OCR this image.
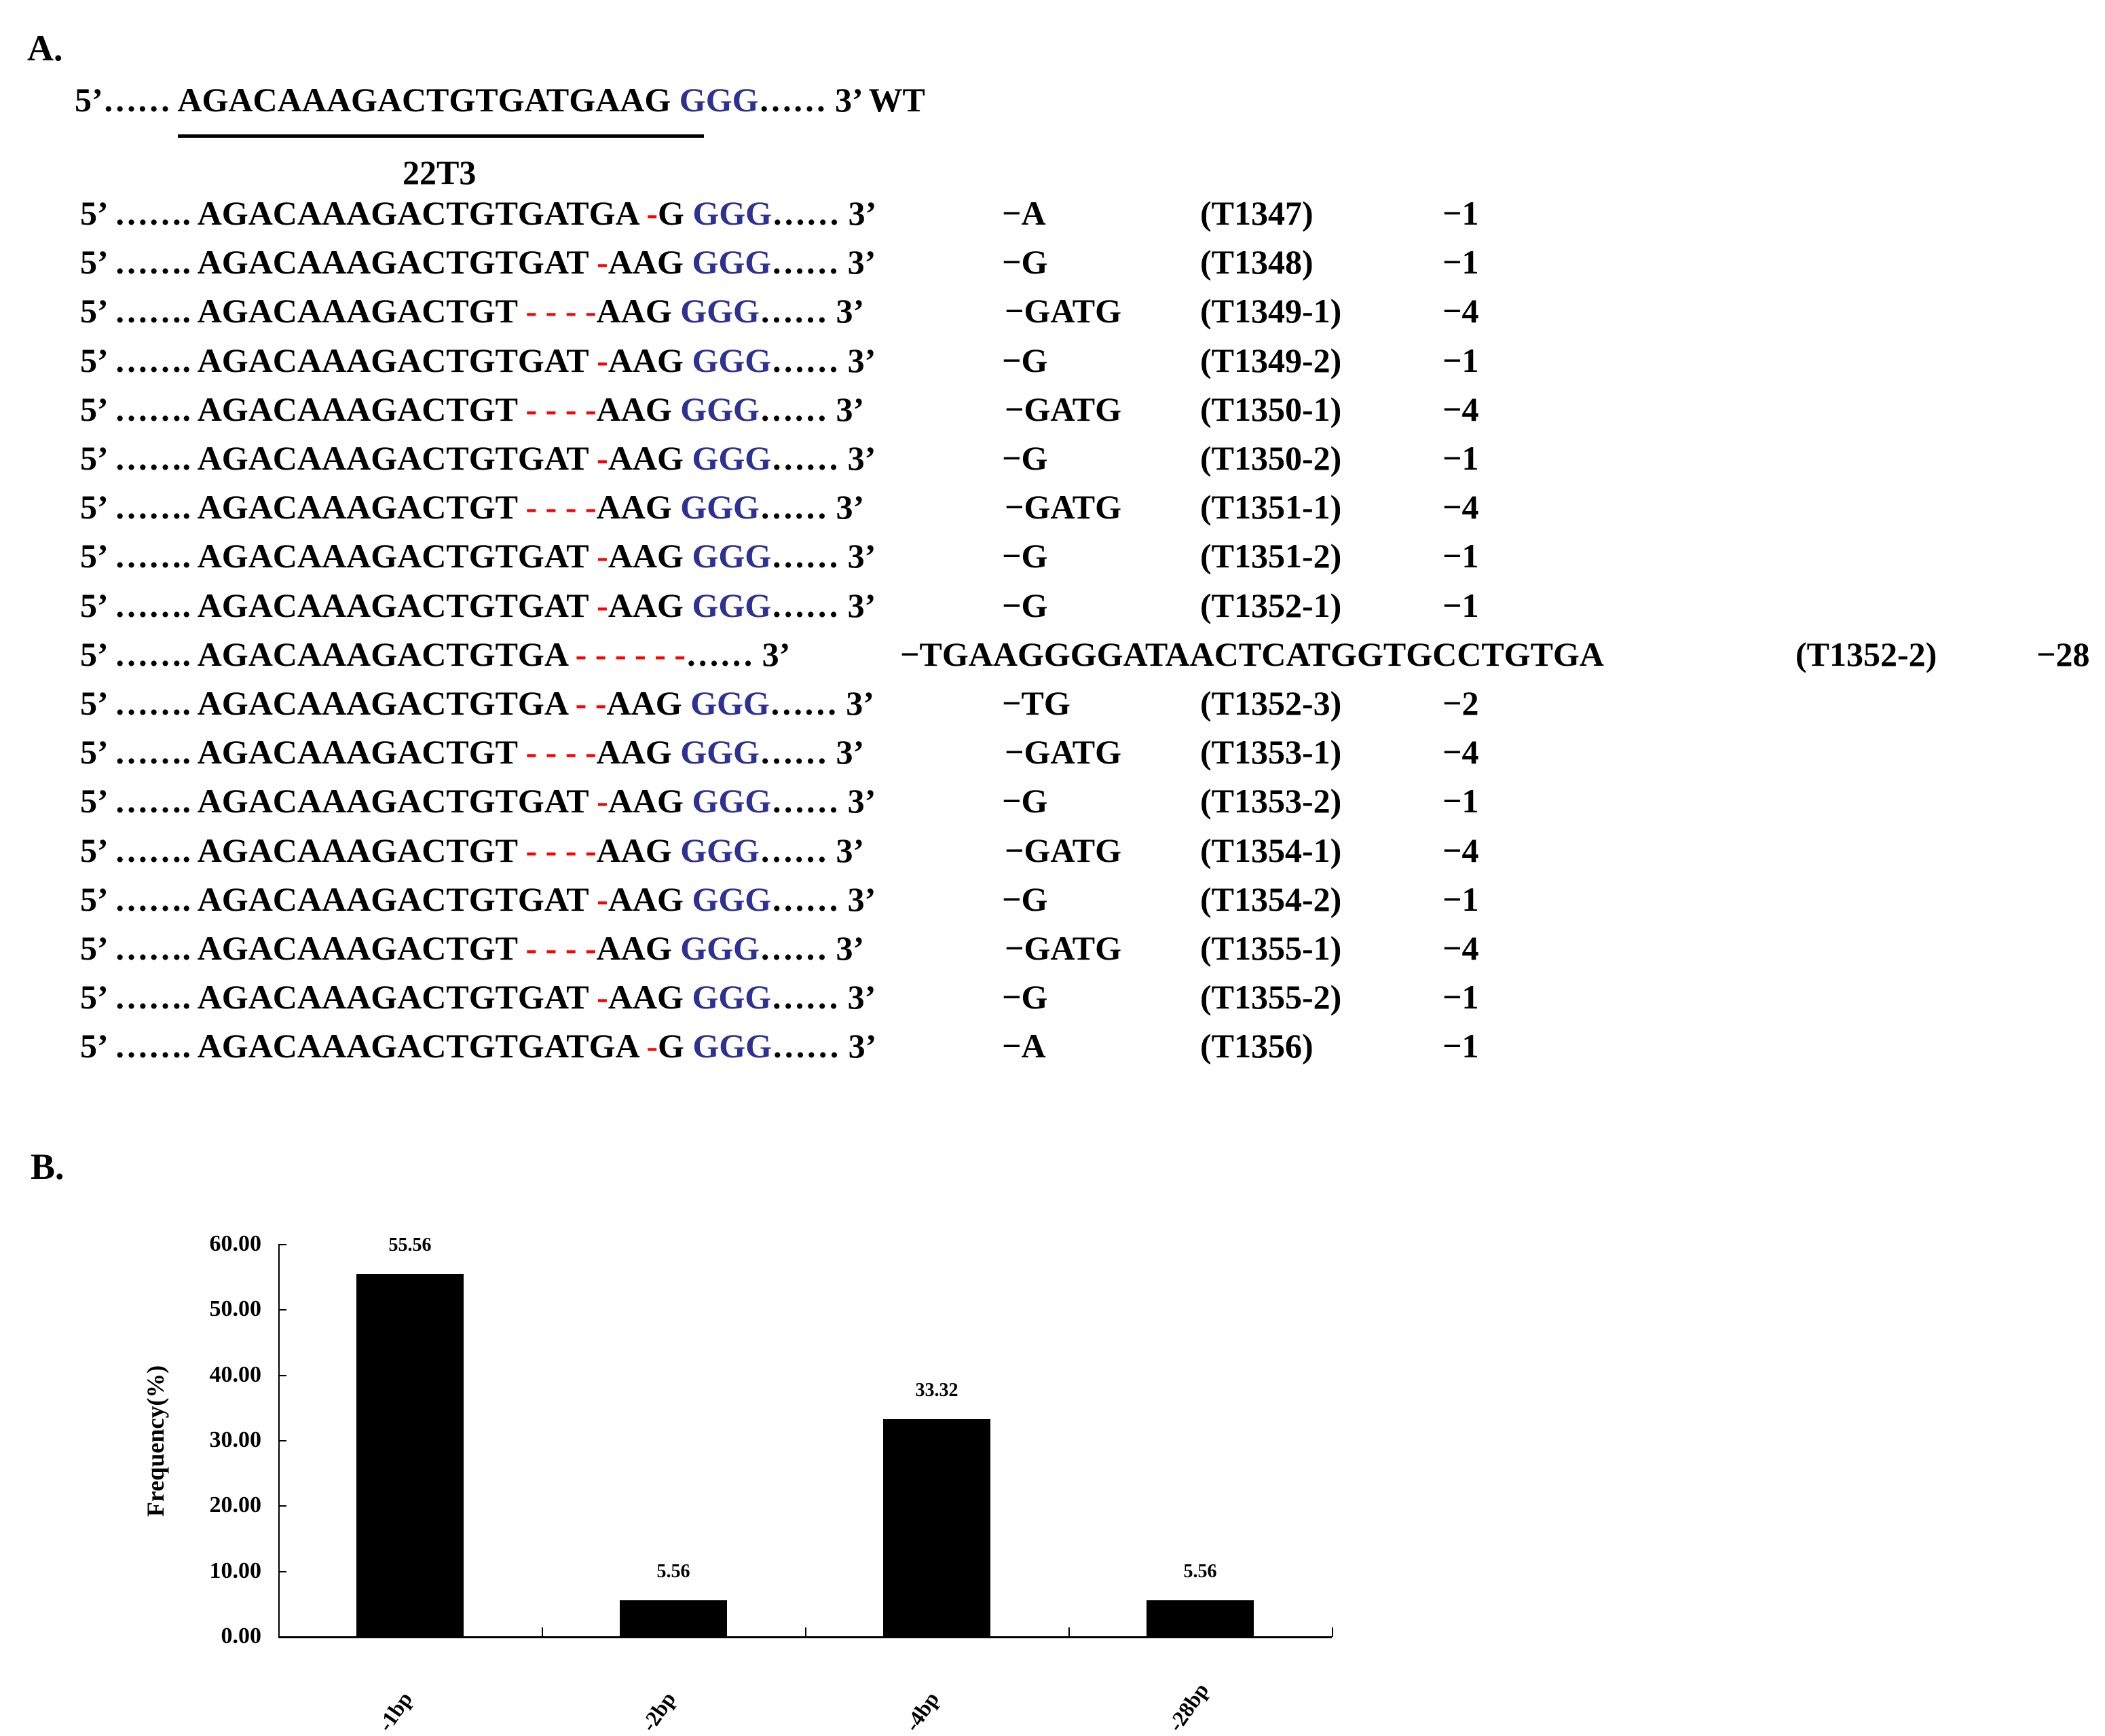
A.
5’…… AGACAAAGACTGTGATGAAG GGG…… 3’ WT
22T3
5’ ……. AGACAAAGACTGTGATGA -G GGG…… 3’	−A	(T1347)	−1
5’ ……. AGACAAAGACTGTGAT -AAG GGG…… 3’	−G	(T1348)	−1
5’ ……. AGACAAAGACTGT - - - -AAG GGG…… 3’	−GATG (T1349-1)	−4
5’ ……. AGACAAAGACTGTGAT -AAG GGG…… 3’	−G	(T1349-2)	−1
5’ ……. AGACAAAGACTGT - - - -AAG GGG…… 3’	−GATG (T1350-1)	−4
5’ ……. AGACAAAGACTGTGAT -AAG GGG…… 3’	−G	(T1350-2)	−1
5’ ……. AGACAAAGACTGT - - - -AAG GGG…… 3’	−GATG (T1351-1)	−4
5’ ……. AGACAAAGACTGTGAT -AAG GGG…… 3’	−G	(T1351-2)	−1
5’ ……. AGACAAAGACTGTGAT -AAG GGG…… 3’	−G	(T1352-1)	−1
5’ ……. AGACAAAGACTGTGA - - - - - -…… 3’	−TGAAGGGGATAACTCATGGTGCCTGTGA	(T1352-2)	−28
5’ ……. AGACAAAGACTGTGA - -AAG GGG…… 3’	−TG	(T1352-3)	−2
5’ ……. AGACAAAGACTGT - - - -AAG GGG…… 3’	−GATG (T1353-1)	−4
5’ ……. AGACAAAGACTGTGAT -AAG GGG…… 3’	−G	(T1353-2)	−1
5’ ……. AGACAAAGACTGT - - - -AAG GGG…… 3’	−GATG (T1354-1)	−4
5’ ……. AGACAAAGACTGTGAT -AAG GGG…… 3’	−G	(T1354-2)	−1
5’ ……. AGACAAAGACTGT - - - -AAG GGG…… 3’	−GATG (T1355-1)	−4
5’ ……. AGACAAAGACTGTGAT -AAG GGG…… 3’	−G	(T1355-2)	−1
5’ ……. AGACAAAGACTGTGATGA -G GGG…… 3’	−A	(T1356)	−1
B.
Frequency(%)
0.00
10.00
20.00
30.00
40.00
50.00
60.00	55.56
-1bp
5.56
-2bp
33.32
-4bp
5.56
-28bp
